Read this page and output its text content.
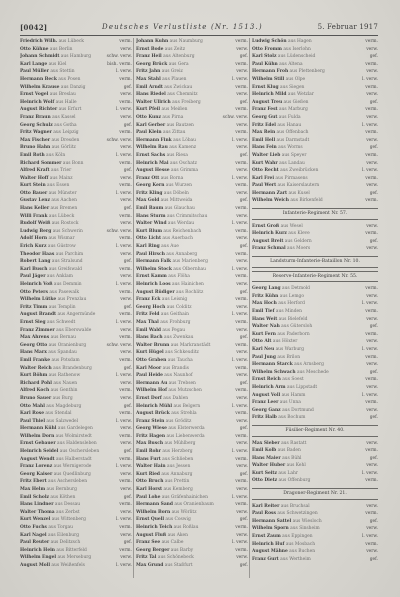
[0042]	Deutsches Verlustliste (Nr. 1513.)	5. Februar 1917
verm.
Friedrich Wilh. aus Lübeck
verw.
Otto Kühne aus Berlin
schw. verw.
Johann Schmidt aus Hamburg
bish. verm.
Karl Lange aus Kiel
l. verw.
Paul Müller aus Stettin
verm.
Hermann Beck aus Posen
gef.
Wilhelm Krause aus Danzig
verw.
Ernst Vogel aus Breslau
verm.
Heinrich Wolf aus Halle
l. verw.
August Richter aus Erfurt
verw.
Franz Braun aus Kassel
gef.
Georg Schulz aus Gotha
verm.
Fritz Wagner aus Leipzig
schw. verw.
Max Fischer aus Dresden
verw.
Bruno Hahn aus Görlitz
l. verw.
Emil Roth aus Köln
verm.
Richard Sommer aus Bonn
gef.
Alfred Kraft aus Trier
verw.
Walter Hoff aus Mainz
verm.
Kurt Stein aus Essen
l. verw.
Otto Bauer aus Münster
verw.
Gustav Lenz aus Aachen
gef.
Hans Keller aus Bremen
verm.
Willi Frank aus Lübeck
verw.
Rudolf Weiß aus Rostock
schw. verw.
Ludwig Berg aus Schwerin
verm.
Adolf Horn aus Wismar
l. verw.
Erich Kurz aus Güstrow
verw.
Theodor Haas aus Parchim
gef.
Robert Lang aus Stralsund
verm.
Karl Busch aus Greifswald
verw.
Paul Jäger aus Anklam
l. verw.
Heinrich Voß aus Demmin
verm.
Otto Peters aus Pasewalk
verw.
Wilhelm Lütke aus Prenzlau
gef.
Fritz Timm aus Templin
verm.
August Brandt aus Angermünde
l. verw.
Ernst Sieg aus Schwedt
verw.
Franz Zimmer aus Eberswalde
verm.
Max Ahrens aus Bernau
schw. verw.
Georg Otto aus Oranienburg
verw.
Hans Marx aus Spandau
verm.
Emil Franke aus Potsdam
gef.
Walter Reich aus Brandenburg
l. verw.
Kurt Böhm aus Rathenow
verw.
Richard Pohl aus Nauen
verm.
Alfred Koch aus Genthin
verw.
Bruno Sauer aus Burg
gef.
Otto Mahl aus Magdeburg
verm.
Karl Rose aus Stendal
l. verw.
Paul Thiel aus Salzwedel
verw.
Hermann Kühl aus Gardelegen
verm.
Wilhelm Dorn aus Wolmirstedt
verw.
Ernst Gebauer aus Haldensleben
gef.
Heinrich Seidel aus Oschersleben
verm.
August Wendt aus Halberstadt
l. verw.
Franz Lorenz aus Wernigerode
verw.
Georg Kaiser aus Quedlinburg
verm.
Fritz Ebert aus Aschersleben
verw.
Max Helm aus Bernburg
gef.
Emil Scholz aus Köthen
verm.
Hans Lindner aus Dessau
verw.
Walter Thoma aus Zerbst
l. verw.
Kurt Wenzel aus Wittenberg
verm.
Otto Fuchs aus Torgau
verw.
Karl Nagel aus Eilenburg
gef.
Paul Reuter aus Delitzsch
verm.
Heinrich Hein aus Bitterfeld
verw.
Wilhelm Engel aus Merseburg
l. verw.
August Moll aus Weißenfels
verm.
Johann Kuhn aus Naumburg
verw.
Ernst Bode aus Zeitz
gef.
Franz Heil aus Altenburg
verm.
Georg Brück aus Gera
verw.
Fritz Jahn aus Greiz
l. verw.
Max Stahl aus Plauen
verm.
Emil Arndt aus Zwickau
verw.
Hans Riedel aus Chemnitz
gef.
Walter Ullrich aus Freiberg
verm.
Kurt Pfeil aus Meißen
schw. verw.
Otto Kunz aus Pirna
verw.
Karl Gerber aus Bautzen
verm.
Paul Klein aus Zittau
l. verw.
Hermann Fink aus Löbau
verw.
Wilhelm Rau aus Kamenz
gef.
Ernst Sachs aus Riesa
verm.
Heinrich Mai aus Oschatz
verw.
August Hesse aus Grimma
l. verw.
Franz Ott aus Borna
verm.
Georg Kern aus Wurzen
verw.
Fritz Kling aus Döbeln
gef.
Max Gold aus Mittweida
verm.
Emil Baum aus Glauchau
verw.
Hans Sturm aus Crimmitschau
l. verw.
Walter Wind aus Werdau
verm.
Kurt Blum aus Reichenbach
verw.
Otto Licht aus Auerbach
gef.
Karl Ring aus Aue
verm.
Paul Hirsch aus Annaberg
verw.
Hermann Falk aus Marienberg
l. verw.
Wilhelm Stock aus Olbernhau
verm.
Ernst Kamm aus Flöha
verw.
Heinrich Loos aus Hainichen
gef.
August Rüdiger aus Rochlitz
verm.
Franz Eck aus Leisnig
verw.
Georg Hoch aus Colditz
l. verw.
Fritz Feld aus Geithain
verm.
Max Thal aus Frohburg
verw.
Emil Wald aus Pegau
gef.
Hans Bach aus Zwenkau
verm.
Walter Brunn aus Markranstädt
verw.
Kurt Hügel aus Schkeuditz
l. verw.
Otto Graben aus Taucha
verm.
Karl Moor aus Brandis
verw.
Paul Heide aus Naunhof
gef.
Hermann Au aus Trebsen
verm.
Wilhelm Hof aus Mutzschen
verw.
Ernst Dorf aus Dahlen
l. verw.
Heinrich Mühl aus Belgern
verm.
August Brück aus Strehla
verw.
Franz Stein aus Gröditz
gef.
Georg Wiese aus Elsterwerda
verm.
Fritz Hagen aus Liebenwerda
verw.
Max Busch aus Mühlberg
l. verw.
Emil Rohr aus Herzberg
verm.
Hans Furt aus Schlieben
verw.
Walter Hain aus Jessen
gef.
Kurt Ried aus Annaburg
verm.
Otto Bruch aus Prettin
verw.
Karl Horst aus Kemberg
l. verw.
Paul Lohe aus Gräfenhainichen
verm.
Hermann Sand aus Oranienbaum
verw.
Wilhelm Born aus Wörlitz
gef.
Ernst Quell aus Coswig
verm.
Heinrich Teich aus Roßlau
verw.
August Fluß aus Aken
l. verw.
Franz See aus Calbe
verm.
Georg Berger aus Barby
verw.
Fritz Tal aus Schönebeck
gef.
Max Grund aus Staßfurt
verm.
Ludwig Schön aus Hagen
verw.
Otto Fromm aus Iserlohn
gef.
Karl Stolz aus Lüdenscheid
verm.
Paul Kühn aus Altena
verw.
Hermann Froh aus Plettenberg
l. verw.
Wilhelm Still aus Olpe
verm.
Ernst Klug aus Siegen
verw.
Heinrich Mild aus Wetzlar
gef.
August Treu aus Gießen
verm.
Franz Fest aus Marburg
verw.
Georg Gut aus Fulda
l. verw.
Fritz Edel aus Hanau
verm.
Max Rein aus Offenbach
verw.
Emil Hell aus Darmstadt
gef.
Hans Fein aus Worms
verm.
Walter Lieb aus Speyer
verw.
Kurt Wahr aus Landau
l. verw.
Otto Recht aus Zweibrücken
verm.
Karl Frei aus Pirmasens
verw.
Paul Wert aus Kaiserslautern
gef.
Hermann Zart aus Kusel
verm.
Wilhelm Weich aus Birkenfeld
Infanterie-Regiment Nr. 57.
verw.
Ernst Groß aus Wesel
verm.
Heinrich Kurz aus Kleve
gef.
August Breit aus Geldern
verw.
Franz Schmal aus Moers
Landsturm-Infanterie-Bataillon Nr. 10.
Reserve-Infanterie-Regiment Nr. 55.
verm.
Georg Lang aus Detmold
verw.
Fritz Kühn aus Lemgo
l. verw.
Max Hoch aus Herford
verm.
Emil Tief aus Minden
verw.
Hans Weit aus Bielefeld
gef.
Walter Nah aus Gütersloh
verm.
Kurt Fern aus Paderborn
verw.
Otto Alt aus Höxter
l. verw.
Karl Neu aus Warburg
verm.
Paul Jung aus Brilon
verw.
Hermann Starck aus Arnsberg
gef.
Wilhelm Schwach aus Meschede
verm.
Ernst Reich aus Soest
verw.
Heinrich Arm aus Lippstadt
l. verw.
August Voll aus Hamm
verm.
Franz Leer aus Unna
verw.
Georg Ganz aus Dortmund
gef.
Fritz Halb aus Bochum
Füsilier-Regiment Nr. 40.
verw.
Max Sieber aus Rastatt
verm.
Emil Kolb aus Baden
gef.
Hans Maier aus Bühl
verw.
Walter Huber aus Kehl
l. verw.
Kurt Seitz aus Lahr
verm.
Otto Dietz aus Offenburg
Dragoner-Regiment Nr. 21.
verw.
Karl Reiter aus Bruchsal
verm.
Paul Ross aus Schwetzingen
gef.
Hermann Sattel aus Wiesloch
verw.
Wilhelm Sporn aus Sinsheim
l. verw.
Ernst Zaum aus Eppingen
verm.
Heinrich Huf aus Mosbach
verw.
August Mähne aus Buchen
gef.
Franz Gurt aus Wertheim
